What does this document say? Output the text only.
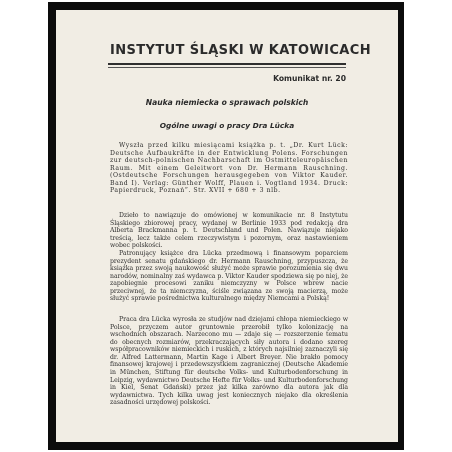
INSTYTUT ŚLĄSKI W KATOWICACH
Komunikat nr. 20
Nauka niemiecka o sprawach polskich
Ogólne uwagi o pracy Dra Lücka

Wyszła przed kilku miesiącami książka p. t. „Dr. Kurt Lück: Deutsche Aufbaukräfte in der Entwicklung Polens. Forschungen zur deutsch-polnischen Nachbarschaft im Ostmitteleuropäischen Raum. Mit einem Geleitwort von Dr. Hermann Rauschning. (Ostdeutsche Forschungen herausgegeben von Viktor Kauder. Band I). Verlag: Günther Wolff, Plauen i. Vogtland 1934. Druck: Papierdruck, Poznań”. Str. XVII + 680 + 3 nlb.

Dzieło to nawiązuje do omówionej w komunikacie nr. 8 Instytutu Śląskiego zbiorowej pracy, wydanej w Berlinie 1933 pod redakcją dra Alberta Brackmanna p. t. Deutschland und Polen. Nawiązuje niejako treścią, lecz także celem rzeczywistym i pozornym, oraz nastawieniem wobec polskości.

Patronujący książce dra Lücka przedmową i finansowym poparciem prezydent senatu gdańskiego dr. Hermann Rauschning, przypuszcza, że książka przez swoją naukowość służyć może sprawie porozumienia się dwu narodów, nominalny zaś wydawca p. Viktor Kauder spodziewa się po niej, że zapobiegnie procesowi zaniku niemczyzny w Polsce wbrew nacie przeciwnej, że ta niemczyzna, ściśle związana ze swoją macierzą, może służyć sprawie pośrednictwa kulturalnego między Niemcami a Polską!

Praca dra Lücka wyrosła ze studjów nad dziejami chłopa niemieckiego w Polsce, przyczem autor gruntownie przerobił tylko kolonizację na wschodnich obszarach. Narzecono mu — zdaje się — rozszerzenie tematu do obecnych rozmiarów, przekraczających siły autora i dodano szereg współpracowników niemieckich i ruskich, z których najsilniej zaznaczyli się dr. Alfred Lattermann, Martin Kage i Albert Breyer. Nie brakło pomocy finansowej krajowej i przedewszystkiem zagranicznej (Deutsche Akademie in München, Stiftung für deutsche Volks- und Kulturbodenforschung in Leipzig, wydawnictwo Deutsche Hefte für Volks- und Kulturbodenforschung in Kiel, Senat Gdański) przez jaż kilka zarówno dla autora jak dla wydawnictwa. Tych kilka uwag jest koniecznych niejako dla określenia zasadności urzędowej polskości.
